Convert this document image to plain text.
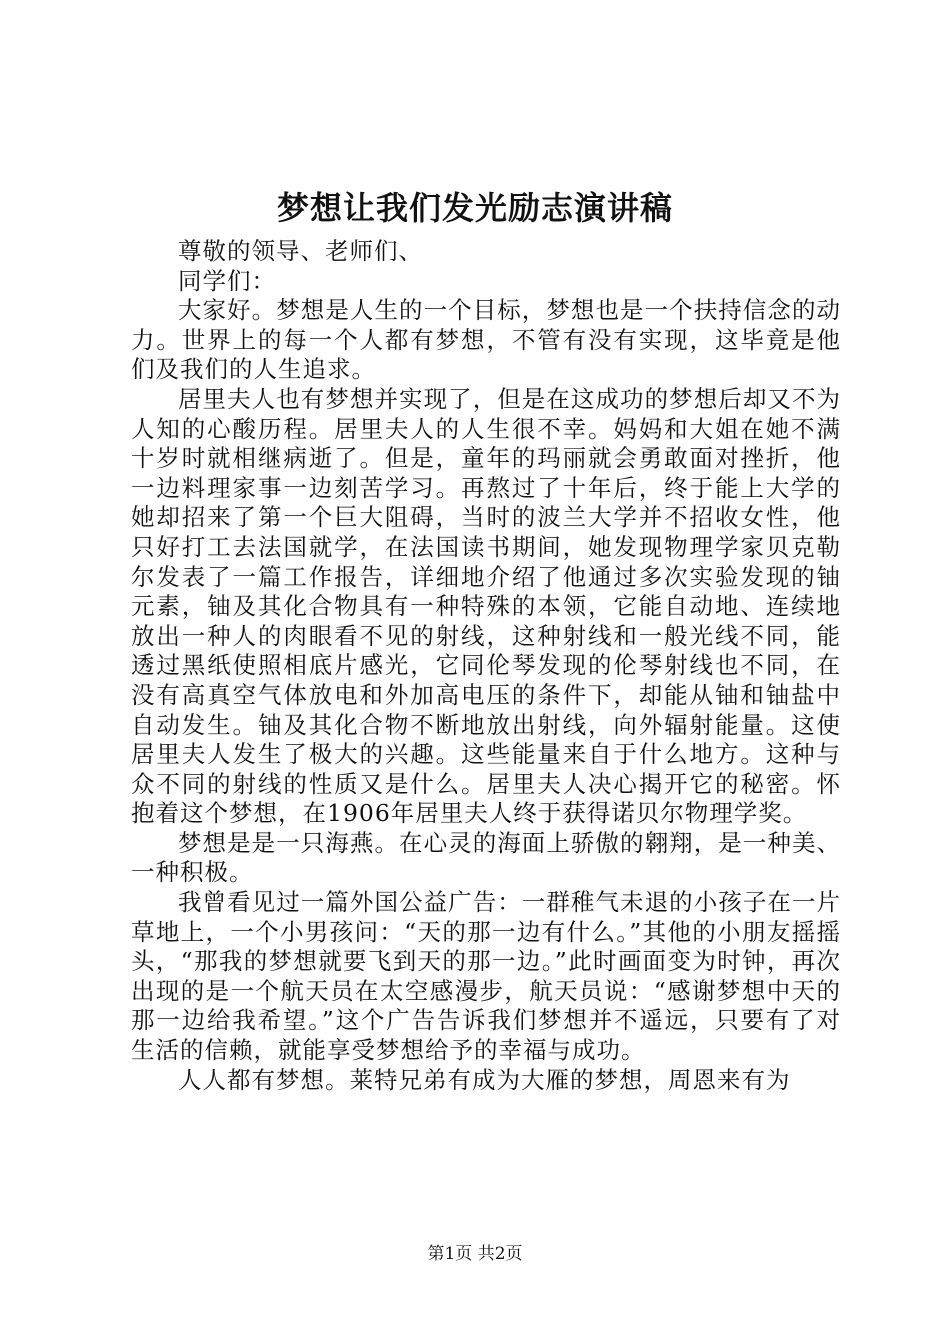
梦想让我们发光励志演讲稿

尊敬的领导、老师们、

同学们：

大家好。梦想是人生的一个目标，梦想也是一个扶持信念的动力。世界上的每一个人都有梦想，不管有没有实现，这毕竟是他们及我们的人生追求。

居里夫人也有梦想并实现了，但是在这成功的梦想后却又不为人知的心酸历程。居里夫人的人生很不幸。妈妈和大姐在她不满十岁时就相继病逝了。但是，童年的玛丽就会勇敢面对挫折，他一边料理家事一边刻苦学习。再熬过了十年后，终于能上大学的她却招来了第一个巨大阻碍，当时的波兰大学并不招收女性，他只好打工去法国就学，在法国读书期间，她发现物理学家贝克勒尔发表了一篇工作报告，详细地介绍了他通过多次实验发现的铀元素，铀及其化合物具有一种特殊的本领，它能自动地、连续地放出一种人的肉眼看不见的射线，这种射线和一般光线不同，能透过黑纸使照相底片感光，它同伦琴发现的伦琴射线也不同，在没有高真空气体放电和外加高电压的条件下，却能从铀和铀盐中自动发生。铀及其化合物不断地放出射线，向外辐射能量。这使居里夫人发生了极大的兴趣。这些能量来自于什么地方。这种与众不同的射线的性质又是什么。居里夫人决心揭开它的秘密。怀抱着这个梦想，在1906年居里夫人终于获得诺贝尔物理学奖。

梦想是是一只海燕。在心灵的海面上骄傲的翱翔，是一种美、一种积极。

我曾看见过一篇外国公益广告：一群稚气未退的小孩子在一片草地上，一个小男孩问：“天的那一边有什么。”其他的小朋友摇摇头，“那我的梦想就要飞到天的那一边。”此时画面变为时钟，再次出现的是一个航天员在太空感漫步，航天员说：“感谢梦想中天的那一边给我希望。”这个广告告诉我们梦想并不遥远，只要有了对生活的信赖，就能享受梦想给予的幸福与成功。

人人都有梦想。莱特兄弟有成为大雁的梦想，周恩来有为

第1页 共2页
